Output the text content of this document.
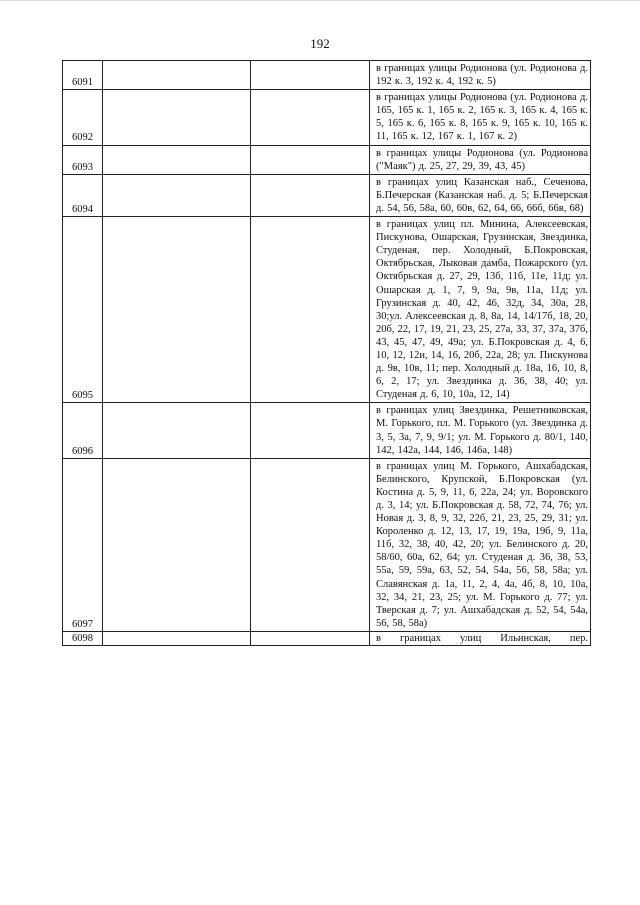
192
6091			в границах улицы Родионова (ул. Родионова д. 192 к. 3, 192 к. 4, 192 к. 5)
6092			в границах улицы Родионова (ул. Родионова д. 165, 165 к. 1, 165 к. 2, 165 к. 3, 165 к. 4, 165 к. 5, 165 к. 6, 165 к. 8, 165 к. 9, 165 к. 10, 165 к. 11, 165 к. 12, 167 к. 1, 167 к. 2)
6093			в границах улицы Родионова (ул. Родионова ("Маяк") д. 25, 27, 29, 39, 43, 45)
6094			в границах улиц Казанская наб., Сеченова, Б.Печерская (Казанская наб. д. 5; Б.Печерская д. 54, 56, 58а, 60, 60в, 62, 64, 66, 66б, 66в, 68)
6095			в границах улиц пл. Минина, Алексеевская, Пискунова, Ошарская, Грузинская, Звездинка, Студеная, пер. Холодный, Б.Покровская, Октябрьская, Лыковая дамба, Пожарского (ул. Октябрьская д. 27, 29, 13б, 11б, 11е, 11д; ул. Ошарская д. 1, 7, 9, 9а, 9в, 11а, 11д; ул. Грузинская д. 40, 42, 46, 32д, 34, 30а, 28, 30;ул. Алексеевская д. 8, 8а, 14, 14/17б, 18, 20, 20б, 22, 17, 19, 21, 23, 25, 27а, 33, 37, 37а, 37б, 43, 45, 47, 49, 49а; ул. Б.Покровская д. 4, 6, 10, 12, 12и, 14, 16, 20б, 22а, 28; ул. Пискунова д. 9в, 10в, 11; пер. Холодный д. 18а, 16, 10, 8, 6, 2, 17; ул. Звездинка д. 36, 38, 40; ул. Студеная д. 6, 10, 10а, 12, 14)
6096			в границах улиц Звездинка, Решетниковская, М. Горького, пл. М. Горького (ул. Звездинка д. 3, 5, 3а, 7, 9, 9/1; ул. М. Горького д. 80/1, 140, 142, 142а, 144, 146, 146а, 148)
6097			в границах улиц М. Горького, Ашхабадская, Белинского, Крупской, Б.Покровская (ул. Костина д. 5, 9, 11, 6, 22а, 24; ул. Воровского д. 3, 14; ул. Б.Покровская д. 58, 72, 74, 76; ул. Новая д. 3, 8, 9, 32, 22б, 21, 23, 25, 29, 31; ул. Короленко д. 12, 13, 17, 19, 19а, 19б, 9, 11а, 11б, 32, 38, 40, 42, 20; ул. Белинского д. 20, 58/60, 60а, 62, 64; ул. Студеная д. 36, 38, 53, 55а, 59, 59а, 63, 52, 54, 54а, 56, 58, 58а; ул. Славянская д. 1а, 11, 2, 4, 4а, 4б, 8, 10, 10а, 32, 34, 21, 23, 25; ул. М. Горького д. 77; ул. Тверская д. 7; ул. Ашхабадская д. 52, 54, 54а, 56, 58, 58а)
6098			в границах улиц Ильинская, пер.
